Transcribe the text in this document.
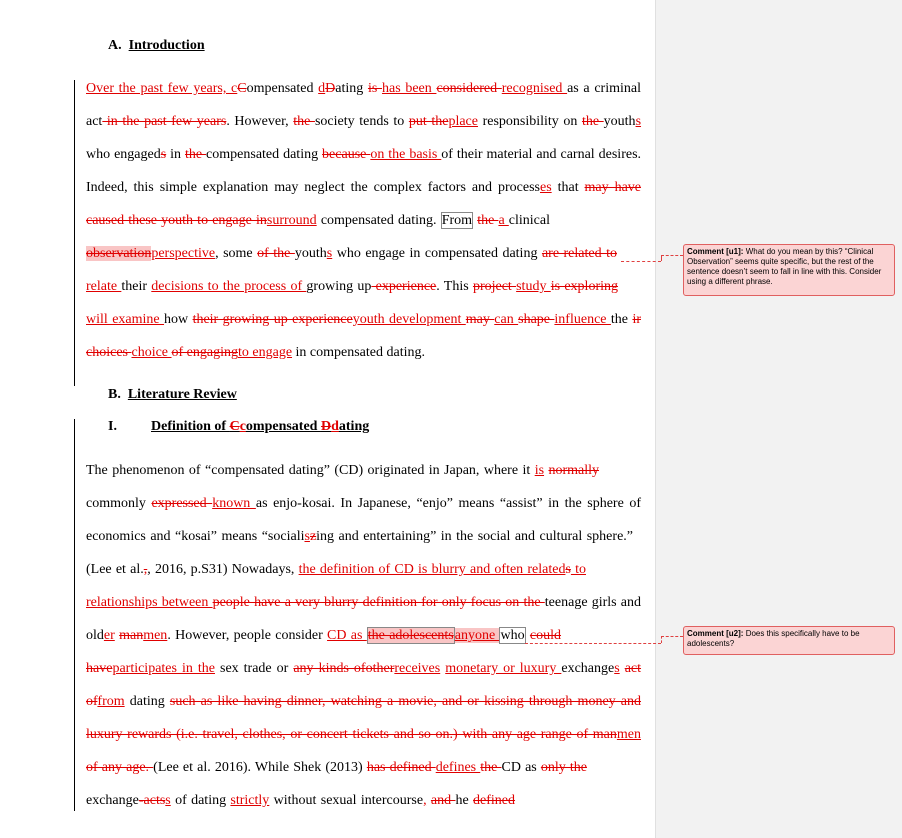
A. Introduction
Over the past few years, cCompensated dDating is has been considered recognised as a criminal
act in the past few years. However, the society tends to put theplace responsibility on the youths
who engageds in the compensated dating because on the basis of their material and carnal desires.
Indeed, this simple explanation may neglect the complex factors and processes that may have
caused these youth to engage insurround compensated dating. From the a clinical
observationperspective, some of the youths who engage in compensated dating are related to
relate their decisions to the process of growing up experience. This project study is exploring
will examine how their growing up experienceyouth development may can shape influence the ir
choices choice of engagingto engage in compensated dating.
B. Literature Review
I. Definition of Ccompensated Ddating
The phenomenon of “compensated dating” (CD) originated in Japan, where it is normally
commonly expressed known as enjo-kosai. In Japanese, “enjo” means “assist” in the sphere of
economics and “kosai” means “socialiszing and entertaining” in the social and cultural sphere.”
(Lee et al.,, 2016, p.S31) Nowadays, the definition of CD is blurry and often relateds to
relationships between people have a very blurry definition for only focus on the teenage girls and
older manmen. However, people consider CD as the adolescentsanyone who could
haveparticipates in the sex trade or any kinds ofotherreceives monetary or luxury exchanges act
offrom dating such as like having dinner, watching a movie, and or kissing through money and
luxury rewards (i.e. travel, clothes, or concert tickets and so on.) with any age range of manmen
of any age. (Lee et al. 2016). While Shek (2013) has defined defines the CD as only the
exchange-actss of dating strictly without sexual intercourse, and he defined
Comment [u1]: What do you mean by this? “Clinical Observation” seems quite specific, but the rest of the sentence doesn’t seem to fall in line with this. Consider using a different phrase.
Comment [u2]: Does this specifically have to be adolescents?
